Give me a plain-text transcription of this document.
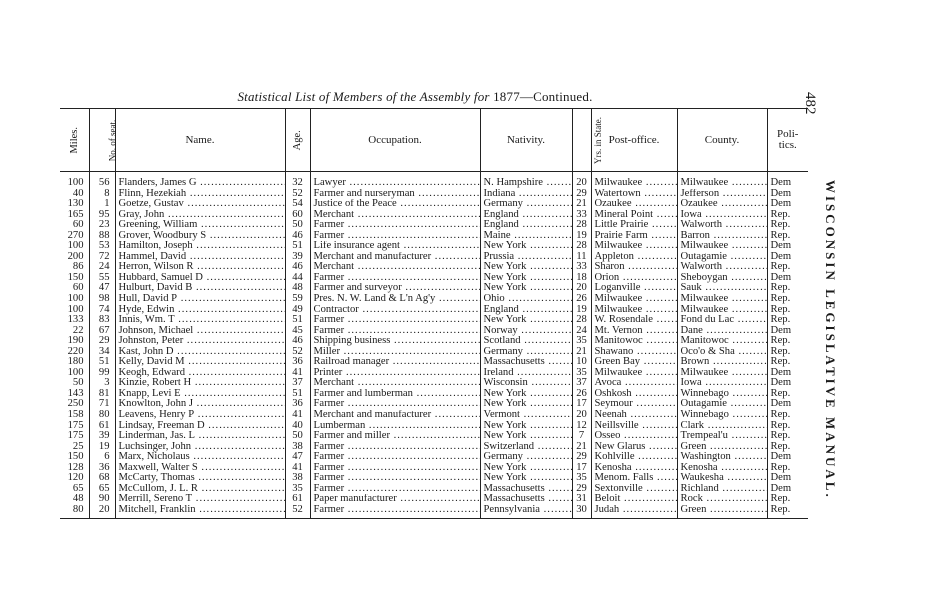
Statistical List of Members of the Assembly for 1877—Continued.	482
WISCONSIN LEGISLATIVE MANUAL.
Miles.	No. of seat.	Name.	Age.	Occupation.	Nativity.	Yrs. in State.	Post-office.	County.	Poli-tics.
100	56	Flanders, James G .....	32	Lawyer .....	N. Hampshire .....	20	Milwaukee .....	Milwaukee .....	Dem
40	8	Flinn, Hezekiah .....	52	Farmer and nurseryman .....	Indiana .....	29	Watertown .....	Jefferson .....	Dem
130	1	Goetze, Gustav .....	54	Justice of the Peace .....	Germany .....	21	Ozaukee .....	Ozaukee .....	Dem
165	95	Gray, John .....	60	Merchant .....	England .....	33	Mineral Point .....	Iowa .....	Rep.
60	23	Greening, William .....	50	Farmer .....	England .....	28	Little Prairie .....	Walworth .....	Rep.
270	88	Grover, Woodbury S .....	46	Farmer .....	Maine .....	19	Prairie Farm .....	Barron .....	Rep.
100	53	Hamilton, Joseph .....	51	Life insurance agent .....	New York .....	28	Milwaukee .....	Milwaukee .....	Dem
200	72	Hammel, David .....	39	Merchant and manufacturer .....	Prussia .....	11	Appleton .....	Outagamie .....	Dem
86	24	Herron, Wilson R .....	46	Merchant .....	New York .....	33	Sharon .....	Walworth .....	Rep.
150	55	Hubbard, Samuel D .....	44	Farmer .....	New York .....	18	Orion .....	Sheboygan .....	Dem
60	47	Hulburt, David B .....	48	Farmer and surveyor .....	New York .....	20	Loganville .....	Sauk .....	Rep.
100	98	Hull, David P .....	59	Pres. N. W. Land & L'n Ag'y .....	Ohio .....	26	Milwaukee .....	Milwaukee .....	Rep.
100	74	Hyde, Edwin .....	49	Contractor .....	England .....	19	Milwaukee .....	Milwaukee .....	Rep.
133	83	Innis, Wm. T .....	51	Farmer .....	New York .....	28	W. Rosendale .....	Fond du Lac .....	Rep.
22	67	Johnson, Michael .....	45	Farmer .....	Norway .....	24	Mt. Vernon .....	Dane .....	Dem
190	29	Johnston, Peter .....	46	Shipping business .....	Scotland .....	35	Manitowoc .....	Manitowoc .....	Rep.
220	34	Kast, John D .....	52	Miller .....	Germany .....	21	Shawano .....	Oco'o & Sha .....	Rep.
180	51	Kelly, David M .....	36	Railroad manager .....	Massachusetts .....	10	Green Bay .....	Brown .....	Rep.
100	99	Keogh, Edward .....	41	Printer .....	Ireland .....	35	Milwaukee .....	Milwaukee .....	Dem
50	3	Kinzie, Robert H .....	37	Merchant .....	Wisconsin .....	37	Avoca .....	Iowa .....	Dem
143	81	Knapp, Levi E .....	51	Farmer and lumberman .....	New York .....	26	Oshkosh .....	Winnebago .....	Rep.
250	71	Knowlton, John J .....	36	Farmer .....	New York .....	17	Seymour .....	Outagamie .....	Dem
158	80	Leavens, Henry P .....	41	Merchant and manufacturer .....	Vermont .....	20	Neenah .....	Winnebago .....	Rep.
175	61	Lindsay, Freeman D .....	40	Lumberman .....	New York .....	12	Neillsville .....	Clark .....	Rep.
175	39	Linderman, Jas. L .....	50	Farmer and miller .....	New York .....	7	Osseo .....	Trempeal'u .....	Rep.
25	19	Luchsinger, John .....	38	Farmer .....	Switzerland .....	21	New Glarus .....	Green .....	Rep.
150	6	Marx, Nicholaus .....	47	Farmer .....	Germany .....	29	Kohlville .....	Washington .....	Dem
128	36	Maxwell, Walter S .....	41	Farmer .....	New York .....	17	Kenosha .....	Kenosha .....	Rep.
120	68	McCarty, Thomas .....	38	Farmer .....	New York .....	35	Menom. Falls .....	Waukesha .....	Dem
65	65	McCullom, J. L. R .....	35	Farmer .....	Massachusetts .....	29	Sextonville .....	Richland .....	Dem
48	90	Merrill, Sereno T .....	61	Paper manufacturer .....	Massachusetts .....	31	Beloit .....	Rock .....	Rep.
80	20	Mitchell, Franklin .....	52	Farmer .....	Pennsylvania .....	30	Judah .....	Green .....	Rep.
